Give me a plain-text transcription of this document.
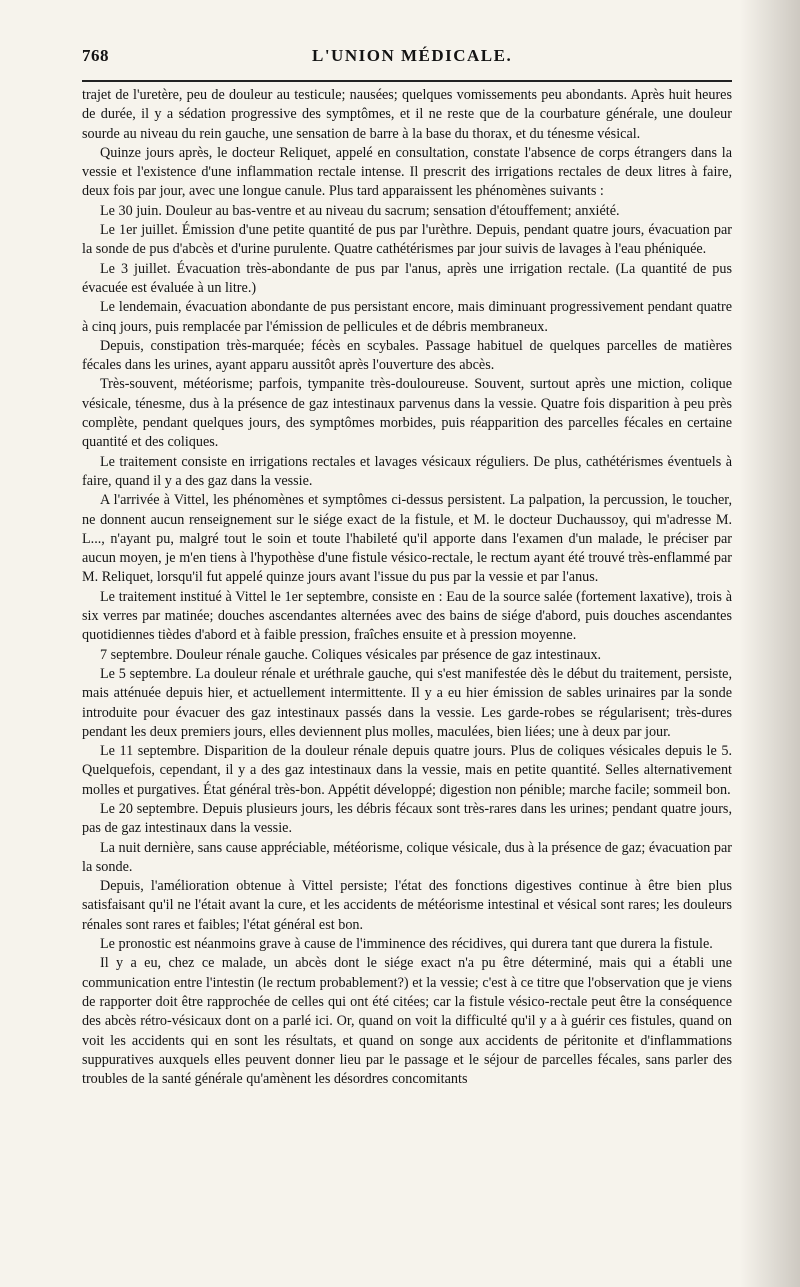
768	L'UNION MÉDICALE.

trajet de l'uretère, peu de douleur au testicule; nausées; quelques vomissements peu abondants. Après huit heures de durée, il y a sédation progressive des symptômes, et il ne reste que de la courbature générale, une douleur sourde au niveau du rein gauche, une sensation de barre à la base du thorax, et du ténesme vésical.

Quinze jours après, le docteur Reliquet, appelé en consultation, constate l'absence de corps étrangers dans la vessie et l'existence d'une inflammation rectale intense. Il prescrit des irrigations rectales de deux litres à faire, deux fois par jour, avec une longue canule. Plus tard apparaissent les phénomènes suivants :

Le 30 juin. Douleur au bas-ventre et au niveau du sacrum; sensation d'étouffement; anxiété.

Le 1er juillet. Émission d'une petite quantité de pus par l'urèthre. Depuis, pendant quatre jours, évacuation par la sonde de pus d'abcès et d'urine purulente. Quatre cathétérismes par jour suivis de lavages à l'eau phéniquée.

Le 3 juillet. Évacuation très-abondante de pus par l'anus, après une irrigation rectale. (La quantité de pus évacuée est évaluée à un litre.)

Le lendemain, évacuation abondante de pus persistant encore, mais diminuant progressivement pendant quatre à cinq jours, puis remplacée par l'émission de pellicules et de débris membraneux.

Depuis, constipation très-marquée; fécès en scybales. Passage habituel de quelques parcelles de matières fécales dans les urines, ayant apparu aussitôt après l'ouverture des abcès.

Très-souvent, météorisme; parfois, tympanite très-douloureuse. Souvent, surtout après une miction, colique vésicale, ténesme, dus à la présence de gaz intestinaux parvenus dans la vessie. Quatre fois disparition à peu près complète, pendant quelques jours, des symptômes morbides, puis réapparition des parcelles fécales en certaine quantité et des coliques.

Le traitement consiste en irrigations rectales et lavages vésicaux réguliers. De plus, cathétérismes éventuels à faire, quand il y a des gaz dans la vessie.

A l'arrivée à Vittel, les phénomènes et symptômes ci-dessus persistent. La palpation, la percussion, le toucher, ne donnent aucun renseignement sur le siége exact de la fistule, et M. le docteur Duchaussoy, qui m'adresse M. L..., n'ayant pu, malgré tout le soin et toute l'habileté qu'il apporte dans l'examen d'un malade, le préciser par aucun moyen, je m'en tiens à l'hypothèse d'une fistule vésico-rectale, le rectum ayant été trouvé très-enflammé par M. Reliquet, lorsqu'il fut appelé quinze jours avant l'issue du pus par la vessie et par l'anus.

Le traitement institué à Vittel le 1er septembre, consiste en : Eau de la source salée (fortement laxative), trois à six verres par matinée; douches ascendantes alternées avec des bains de siége d'abord, puis douches ascendantes quotidiennes tièdes d'abord et à faible pression, fraîches ensuite et à pression moyenne.

7 septembre. Douleur rénale gauche. Coliques vésicales par présence de gaz intestinaux.

Le 5 septembre. La douleur rénale et uréthrale gauche, qui s'est manifestée dès le début du traitement, persiste, mais atténuée depuis hier, et actuellement intermittente. Il y a eu hier émission de sables urinaires par la sonde introduite pour évacuer des gaz intestinaux passés dans la vessie. Les garde-robes se régularisent; très-dures pendant les deux premiers jours, elles deviennent plus molles, maculées, bien liées; une à deux par jour.

Le 11 septembre. Disparition de la douleur rénale depuis quatre jours. Plus de coliques vésicales depuis le 5. Quelquefois, cependant, il y a des gaz intestinaux dans la vessie, mais en petite quantité. Selles alternativement molles et purgatives. État général très-bon. Appétit développé; digestion non pénible; marche facile; sommeil bon.

Le 20 septembre. Depuis plusieurs jours, les débris fécaux sont très-rares dans les urines; pendant quatre jours, pas de gaz intestinaux dans la vessie.

La nuit dernière, sans cause appréciable, météorisme, colique vésicale, dus à la présence de gaz; évacuation par la sonde.

Depuis, l'amélioration obtenue à Vittel persiste; l'état des fonctions digestives continue à être bien plus satisfaisant qu'il ne l'était avant la cure, et les accidents de météorisme intestinal et vésical sont rares; les douleurs rénales sont rares et faibles; l'état général est bon.

Le pronostic est néanmoins grave à cause de l'imminence des récidives, qui durera tant que durera la fistule.

Il y a eu, chez ce malade, un abcès dont le siége exact n'a pu être déterminé, mais qui a établi une communication entre l'intestin (le rectum probablement?) et la vessie; c'est à ce titre que l'observation que je viens de rapporter doit être rapprochée de celles qui ont été citées; car la fistule vésico-rectale peut être la conséquence des abcès rétro-vésicaux dont on a parlé ici. Or, quand on voit la difficulté qu'il y a à guérir ces fistules, quand on voit les accidents qui en sont les résultats, et quand on songe aux accidents de péritonite et d'inflammations suppuratives auxquels elles peuvent donner lieu par le passage et le séjour de parcelles fécales, sans parler des troubles de la santé générale qu'amènent les désordres concomitants
